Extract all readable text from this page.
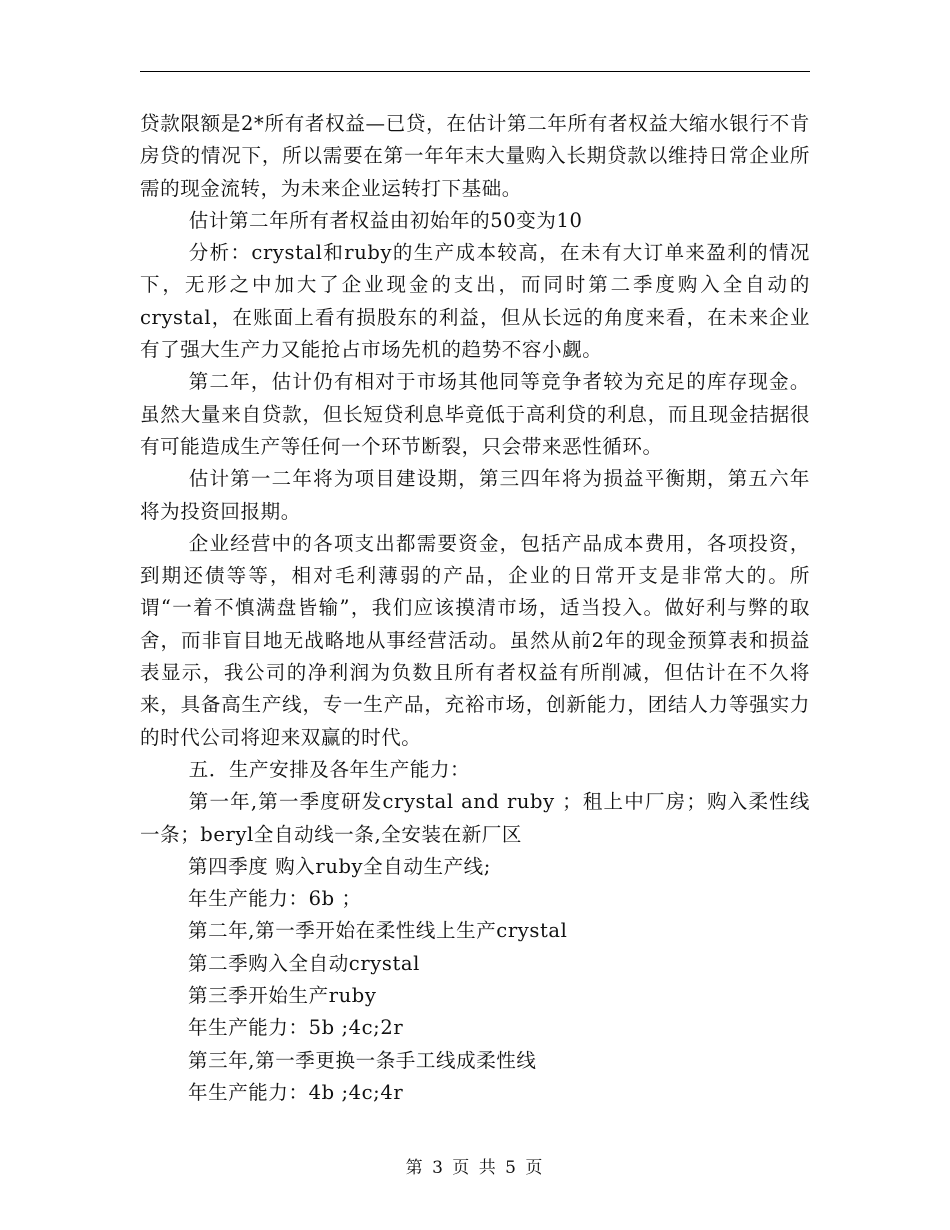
贷款限额是2*所有者权益—已贷，在估计第二年所有者权益大缩水银行不肯房贷的情况下，所以需要在第一年年末大量购入长期贷款以维持日常企业所需的现金流转，为未来企业运转打下基础。

估计第二年所有者权益由初始年的50变为10

分析：crystal和ruby的生产成本较高，在未有大订单来盈利的情况下，无形之中加大了企业现金的支出，而同时第二季度购入全自动的crystal，在账面上看有损股东的利益，但从长远的角度来看，在未来企业有了强大生产力又能抢占市场先机的趋势不容小觑。

第二年，估计仍有相对于市场其他同等竞争者较为充足的库存现金。虽然大量来自贷款，但长短贷利息毕竟低于高利贷的利息，而且现金拮据很有可能造成生产等任何一个环节断裂，只会带来恶性循环。

估计第一二年将为项目建设期，第三四年将为损益平衡期，第五六年将为投资回报期。

企业经营中的各项支出都需要资金，包括产品成本费用，各项投资，到期还债等等，相对毛利薄弱的产品，企业的日常开支是非常大的。所谓“一着不慎满盘皆输”，我们应该摸清市场，适当投入。做好利与弊的取舍，而非盲目地无战略地从事经营活动。虽然从前2年的现金预算表和损益表显示，我公司的净利润为负数且所有者权益有所削减，但估计在不久将来，具备高生产线，专一生产品，充裕市场，创新能力，团结人力等强实力的时代公司将迎来双赢的时代。

五．生产安排及各年生产能力：

第一年,第一季度研发crystal and ruby ；租上中厂房；购入柔性线一条；beryl全自动线一条,全安装在新厂区

第四季度 购入ruby全自动生产线;

年生产能力：6b ；

第二年,第一季开始在柔性线上生产crystal

第二季购入全自动crystal

第三季开始生产ruby

年生产能力：5b ;4c;2r

第三年,第一季更换一条手工线成柔性线

年生产能力：4b ;4c;4r

第 3 页 共 5 页
